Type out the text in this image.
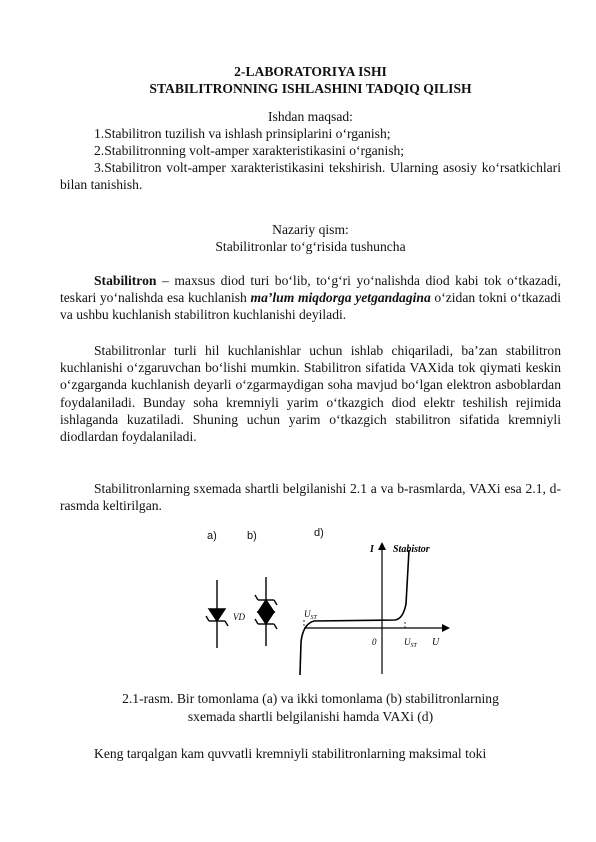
2-LABORATORIYA ISHI
STABILITRONNING ISHLASHINI TADQIQ QILISH
Ishdan maqsad:
1.Stabilitron tuzilish va ishlash prinsiplarini o‘rganish;
2.Stabilitronning volt-amper xarakteristikasini o‘rganish;
3.Stabilitron volt-amper xarakteristikasini tekshirish. Ularning asosiy ko‘rsatkichlari bilan tanishish.
Nazariy qism:
Stabilitronlar to‘g‘risida tushuncha
Stabilitron – maxsus diod turi bo‘lib, to‘g‘ri yo‘nalishda diod kabi tok o‘tkazadi, teskari yo‘nalishda esa kuchlanish ma’lum miqdorga yetgandagina o‘zidan tokni o‘tkazadi va ushbu kuchlanish stabilitron kuchlanishi deyiladi.
Stabilitronlar turli hil kuchlanishlar uchun ishlab chiqariladi, ba’zan stabilitron kuchlanishi o‘zgaruvchan bo‘lishi mumkin. Stabilitron sifatida VAXida tok qiymati keskin o‘zgarganda kuchlanish deyarli o‘zgarmaydigan soha mavjud bo‘lgan elektron asboblardan foydalaniladi. Bunday soha kremniyli yarim o‘tkazgich diod elektr teshilish rejimida ishlaganda kuzatiladi. Shuning uchun yarim o‘tkazgich stabilitron sifatida kremniyli diodlardan foydalaniladi.
Stabilitronlarning sxemada shartli belgilanishi 2.1 a va b-rasmlarda, VAXi esa 2.1, d-rasmda keltirilgan.
a)	b)	d)
VD
I Stabistor
U
0
$U_{ST}$
$U_{ST}$
2.1-rasm. Bir tomonlama (a) va ikki tomonlama (b) stabilitronlarning
sxemada shartli belgilanishi hamda VAXi (d)
Keng tarqalgan kam quvvatli kremniyli stabilitronlarning maksimal toki
